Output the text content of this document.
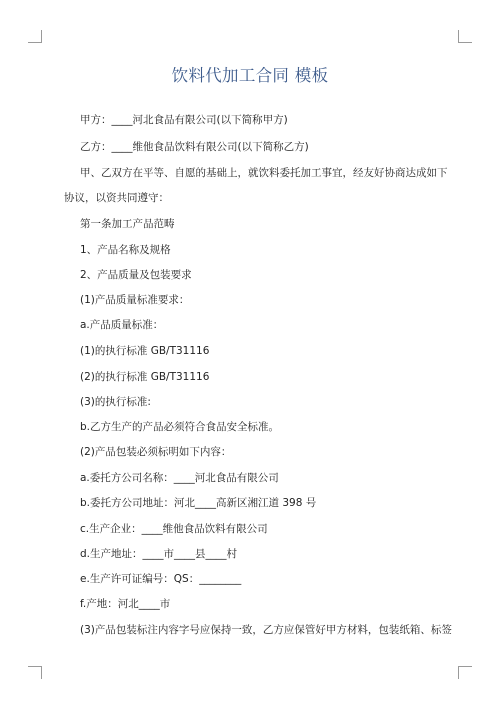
饮料代加工合同 模板
甲方：____河北食品有限公司(以下简称甲方)
乙方：____维他食品饮料有限公司(以下简称乙方)
甲、乙双方在平等、自愿的基础上，就饮料委托加工事宜，经友好协商达成如下
协议，以资共同遵守：
第一条加工产品范畴
1、产品名称及规格
2、产品质量及包装要求
(1)产品质量标准要求：
a.产品质量标准：
(1)的执行标准 GB/T31116
(2)的执行标准 GB/T31116
(3)的执行标准:
b.乙方生产的产品必须符合食品安全标准。
(2)产品包装必须标明如下内容：
a.委托方公司名称：____河北食品有限公司
b.委托方公司地址：河北____高新区湘江道 398 号
c.生产企业：____维他食品饮料有限公司
d.生产地址：____市____县____村
e.生产许可证编号：QS：________
f.产地：河北____市
(3)产品包装标注内容字号应保持一致，乙方应保管好甲方材料，包装纸箱、标签
